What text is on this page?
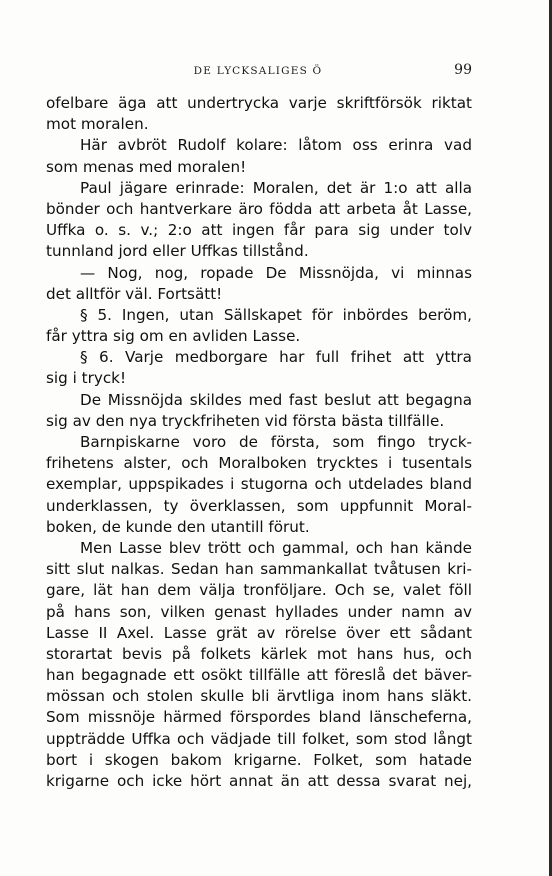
DE LYCKSALIGES Ö	99
ofelbare äga att undertrycka varje skriftförsök riktat
mot moralen.
Här avbröt Rudolf kolare: låtom oss erinra vad
som menas med moralen!
Paul jägare erinrade: Moralen, det är 1:o att alla
bönder och hantverkare äro födda att arbeta åt Lasse,
Uffka o. s. v.; 2:o att ingen får para sig under tolv
tunnland jord eller Uffkas tillstånd.
— Nog, nog, ropade De Missnöjda, vi minnas
det alltför väl. Fortsätt!
§ 5. Ingen, utan Sällskapet för inbördes beröm,
får yttra sig om en avliden Lasse.
§ 6. Varje medborgare har full frihet att yttra
sig i tryck!
De Missnöjda skildes med fast beslut att begagna
sig av den nya tryckfriheten vid första bästa tillfälle.
Barnpiskarne voro de första, som fingo tryck-
frihetens alster, och Moralboken trycktes i tusentals
exemplar, uppspikades i stugorna och utdelades bland
underklassen, ty överklassen, som uppfunnit Moral-
boken, de kunde den utantill förut.
Men Lasse blev trött och gammal, och han kände
sitt slut nalkas. Sedan han sammankallat tvåtusen kri-
gare, lät han dem välja tronföljare. Och se, valet föll
på hans son, vilken genast hyllades under namn av
Lasse II Axel. Lasse grät av rörelse över ett sådant
storartat bevis på folkets kärlek mot hans hus, och
han begagnade ett osökt tillfälle att föreslå det bäver-
mössan och stolen skulle bli ärvtliga inom hans släkt.
Som missnöje härmed förspordes bland länscheferna,
uppträdde Uffka och vädjade till folket, som stod långt
bort i skogen bakom krigarne. Folket, som hatade
krigarne och icke hört annat än att dessa svarat nej,
